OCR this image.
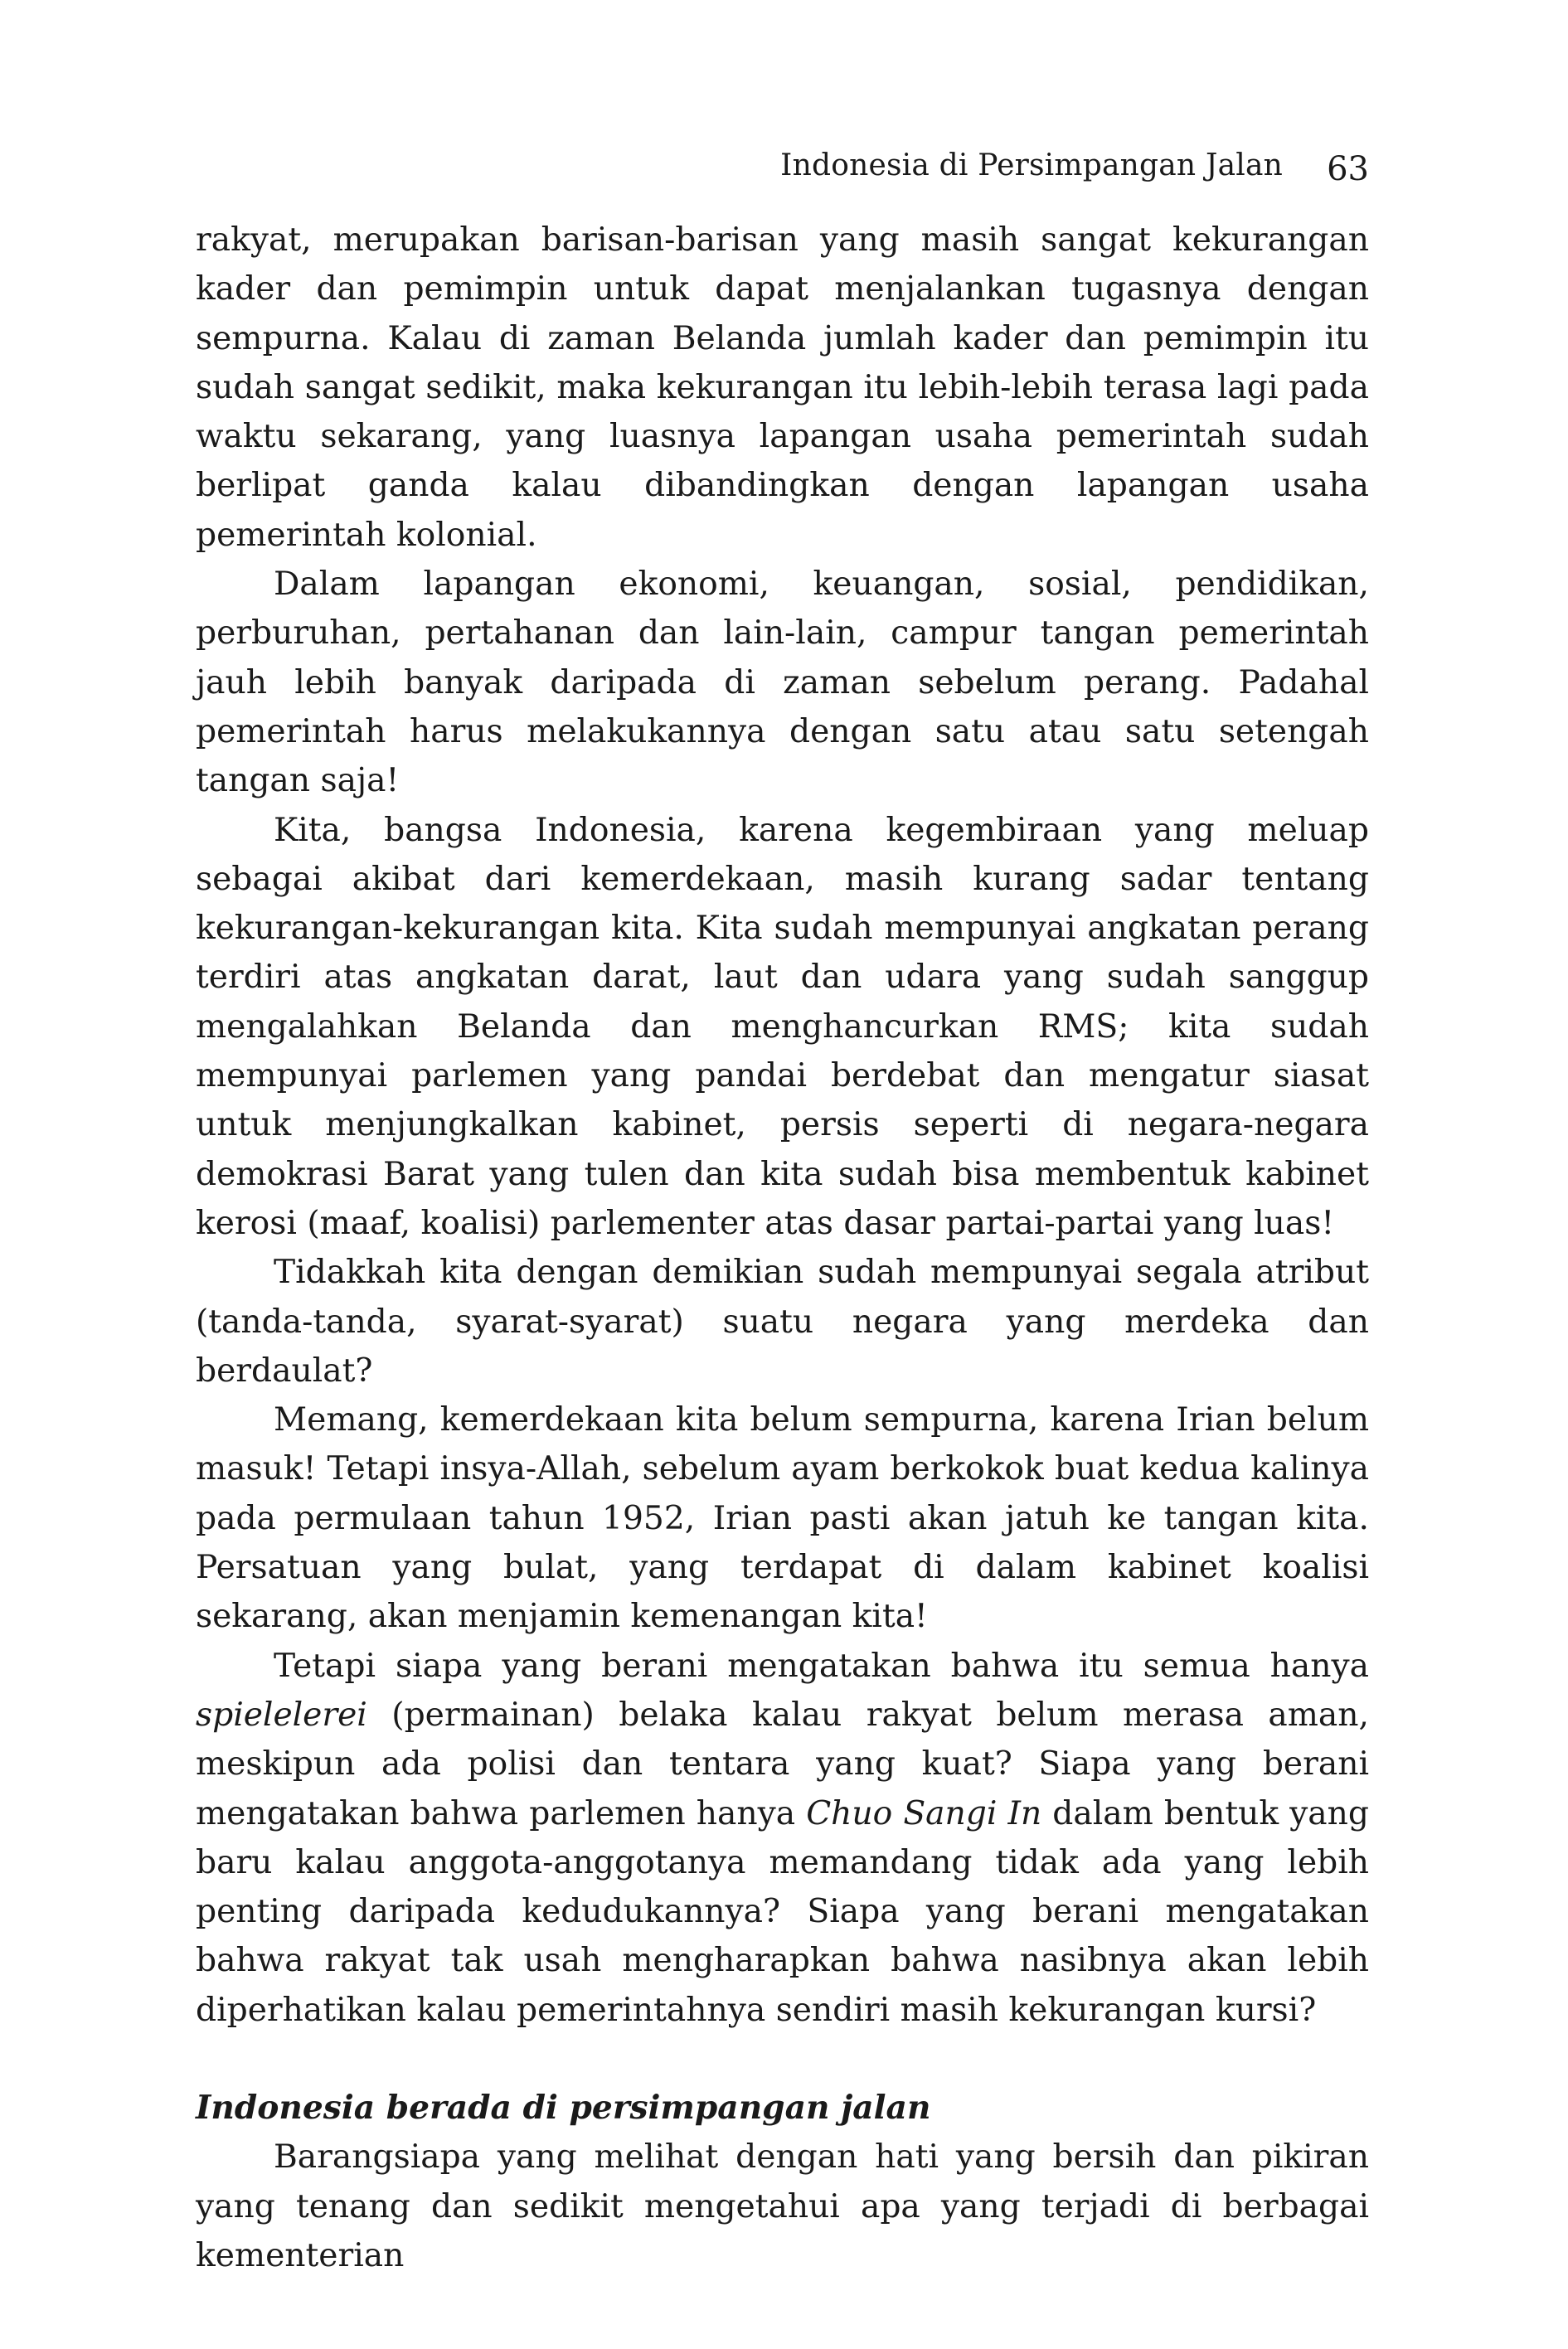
Indonesia di Persimpangan Jalan 63

rakyat, merupakan barisan-barisan yang masih sangat kekurangan kader dan pemimpin untuk dapat menjalankan tugasnya dengan sempurna. Kalau di zaman Belanda jumlah kader dan pemimpin itu sudah sangat sedikit, maka kekurangan itu lebih-lebih terasa lagi pada waktu sekarang, yang luasnya lapangan usaha pemerintah sudah berlipat ganda kalau dibandingkan dengan lapangan usaha pemerintah kolonial.

Dalam lapangan ekonomi, keuangan, sosial, pendidikan, perburuhan, pertahanan dan lain-lain, campur tangan pemerintah jauh lebih banyak daripada di zaman sebelum perang. Padahal pemerintah harus melakukannya dengan satu atau satu setengah tangan saja!

Kita, bangsa Indonesia, karena kegembiraan yang meluap sebagai akibat dari kemerdekaan, masih kurang sadar tentang kekurangan-kekurangan kita. Kita sudah mempunyai angkatan perang terdiri atas angkatan darat, laut dan udara yang sudah sanggup mengalahkan Belanda dan menghancurkan RMS; kita sudah mempunyai parlemen yang pandai berdebat dan mengatur siasat untuk menjungkalkan kabinet, persis seperti di negara-negara demokrasi Barat yang tulen dan kita sudah bisa membentuk kabinet kerosi (maaf, koalisi) parlementer atas dasar partai-partai yang luas!

Tidakkah kita dengan demikian sudah mempunyai segala atribut (tanda-tanda, syarat-syarat) suatu negara yang merdeka dan berdaulat?

Memang, kemerdekaan kita belum sempurna, karena Irian belum masuk! Tetapi insya-Allah, sebelum ayam berkokok buat kedua kalinya pada permulaan tahun 1952, Irian pasti akan jatuh ke tangan kita. Persatuan yang bulat, yang terdapat di dalam kabinet koalisi sekarang, akan menjamin kemenangan kita!

Tetapi siapa yang berani mengatakan bahwa itu semua hanya spielelerei (permainan) belaka kalau rakyat belum merasa aman, meskipun ada polisi dan tentara yang kuat? Siapa yang berani mengatakan bahwa parlemen hanya Chuo Sangi In dalam bentuk yang baru kalau anggota-anggotanya memandang tidak ada yang lebih penting daripada kedudukannya? Siapa yang berani mengatakan bahwa rakyat tak usah mengharapkan bahwa nasibnya akan lebih diperhatikan kalau pemerintahnya sendiri masih kekurangan kursi?

Indonesia berada di persimpangan jalan

Barangsiapa yang melihat dengan hati yang bersih dan pikiran yang tenang dan sedikit mengetahui apa yang terjadi di berbagai kementerian
